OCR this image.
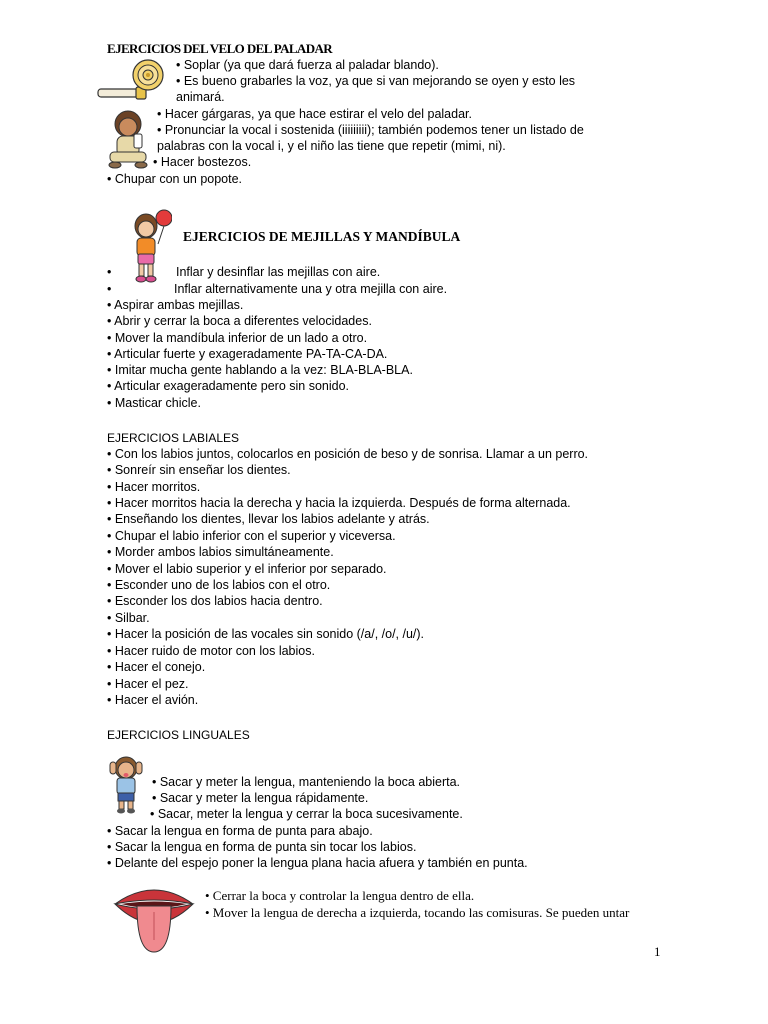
EJERCICIOS DEL VELO DEL PALADAR
• Soplar (ya que dará fuerza al paladar blando).
• Es bueno grabarles la voz, ya que si van mejorando se oyen y esto les
animará.
• Hacer gárgaras, ya que hace estirar el velo del paladar.
• Pronunciar la vocal i sostenida (iiiiiiiii); también podemos tener un listado de
palabras con la vocal i, y el niño las tiene que repetir (mimi, ni).
• Hacer bostezos.
• Chupar con un popote.
EJERCICIOS DE MEJILLAS Y MANDÍBULA
•	Inflar y desinflar las mejillas con aire.
•	Inflar alternativamente una y otra mejilla con aire.
• Aspirar ambas mejillas.
• Abrir y cerrar la boca a diferentes velocidades.
• Mover la mandíbula inferior de un lado a otro.
• Articular fuerte y exageradamente PA-TA-CA-DA.
• Imitar mucha gente hablando a la vez: BLA-BLA-BLA.
• Articular exageradamente pero sin sonido.
• Masticar chicle.
EJERCICIOS LABIALES
• Con los labios juntos, colocarlos en posición de beso y de sonrisa. Llamar a un perro.
• Sonreír sin enseñar los dientes.
• Hacer morritos.
• Hacer morritos hacia la derecha y hacia la izquierda. Después de forma alternada.
• Enseñando los dientes, llevar los labios adelante y atrás.
• Chupar el labio inferior con el superior y viceversa.
• Morder ambos labios simultáneamente.
• Mover el labio superior y el inferior por separado.
• Esconder uno de los labios con el otro.
• Esconder los dos labios hacia dentro.
• Silbar.
• Hacer la posición de las vocales sin sonido (/a/, /o/, /u/).
• Hacer ruido de motor con los labios.
• Hacer el conejo.
• Hacer el pez.
• Hacer el avión.
EJERCICIOS LINGUALES
• Sacar y meter la lengua, manteniendo la boca abierta.
• Sacar y meter la lengua rápidamente.
• Sacar, meter la lengua y cerrar la boca sucesivamente.
• Sacar la lengua en forma de punta para abajo.
• Sacar la lengua en forma de punta sin tocar los labios.
• Delante del espejo poner la lengua plana hacia afuera y también en punta.
• Cerrar la boca y controlar la lengua dentro de ella.
• Mover la lengua de derecha a izquierda, tocando las comisuras. Se pueden untar
1
